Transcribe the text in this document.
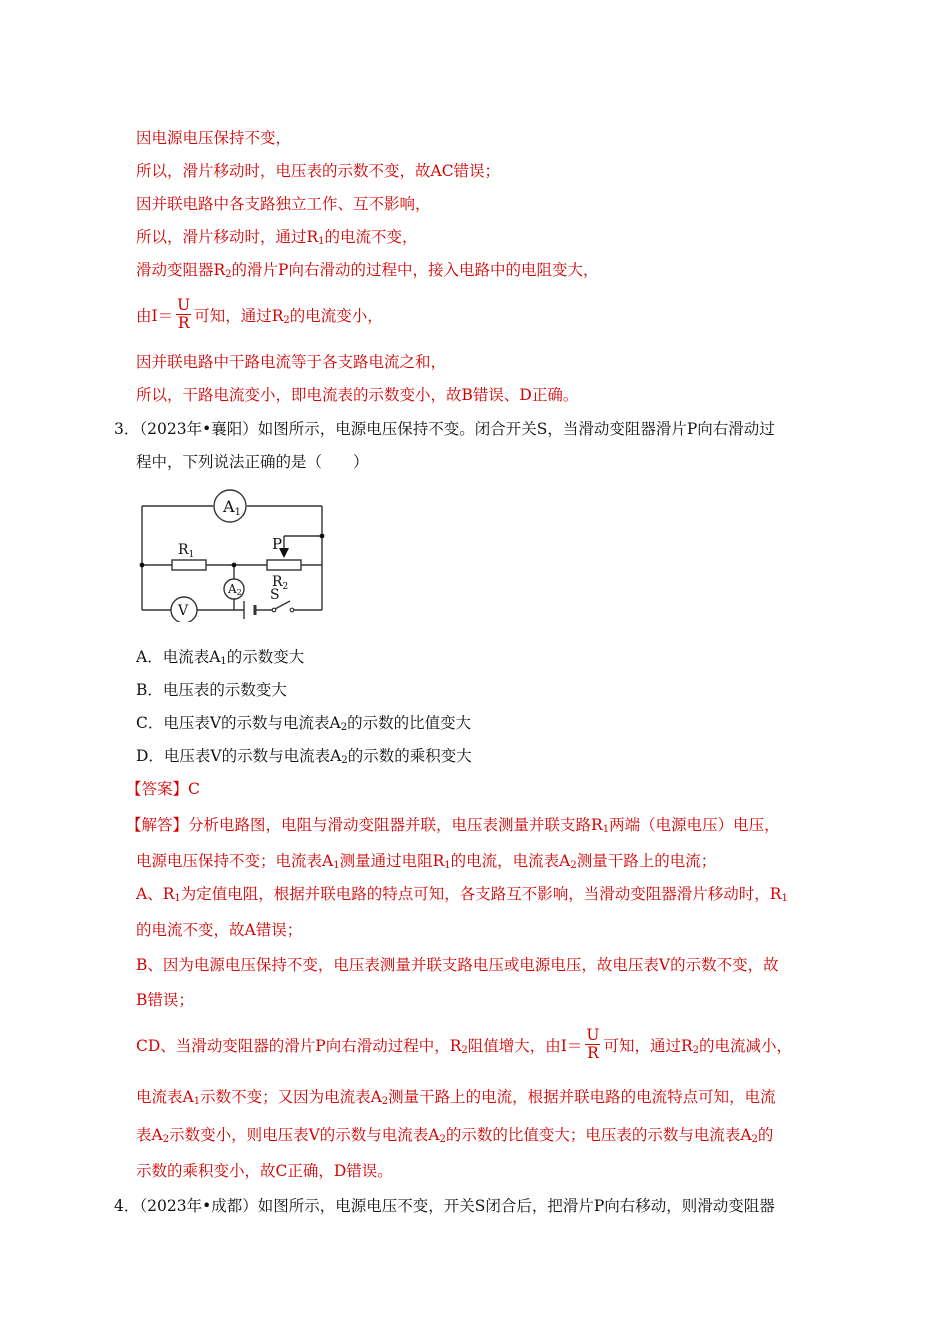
因电源电压保持不变，
所以，滑片移动时，电压表的示数不变，故AC错误；
因并联电路中各支路独立工作、互不影响，
所以，滑片移动时，通过$R_1$的电流不变，
滑动变阻器$R_2$的滑片P向右滑动的过程中，接入电路中的电阻变大，
由$I= \frac{U}{R}$ 可知，通过$R_2$的电流变小，
因并联电路中干路电流等于各支路电流之和，
所以，干路电流变小，即电流表的示数变小，故B错误、D正确。
3．（2023年•襄阳）如图所示，电源电压保持不变。闭合开关S，当滑动变阻器滑片P向右滑动过
程中，下列说法正确的是（　　）
A1
A2
$R_1$
$R_2$
P
V
S
A．电流表$A_1$的示数变大
B．电压表的示数变大
C．电压表V的示数与电流表$A_2$的示数的比值变大
D．电压表V的示数与电流表$A_2$的示数的乘积变大
【答案】C
【解答】分析电路图，电阻与滑动变阻器并联，电压表测量并联支路$R_1$两端（电源电压）电压，
电源电压保持不变；电流表$A_1$测量通过电阻$R_1$的电流，电流表$A_2$测量干路上的电流；
A、$R_1$为定值电阻，根据并联电路的特点可知，各支路互不影响，当滑动变阻器滑片移动时，$R_1$
的电流不变，故A错误；
B、因为电源电压保持不变，电压表测量并联支路电压或电源电压，故电压表V的示数不变，故
B错误；
CD、当滑动变阻器的滑片P向右滑动过程中，$R_2$阻值增大，由$I= \frac{U}{R}$ 可知，通过$R_2$的电流减小，
电流表$A_1$示数不变；又因为电流表$A_2$测量干路上的电流，根据并联电路的电流特点可知，电流
表$A_2$示数变小，则电压表V的示数与电流表$A_2$的示数的比值变大；电压表的示数与电流表$A_2$的
示数的乘积变小，故C正确，D错误。
4．（2023年•成都）如图所示，电源电压不变，开关S闭合后，把滑片P向右移动，则滑动变阻器
